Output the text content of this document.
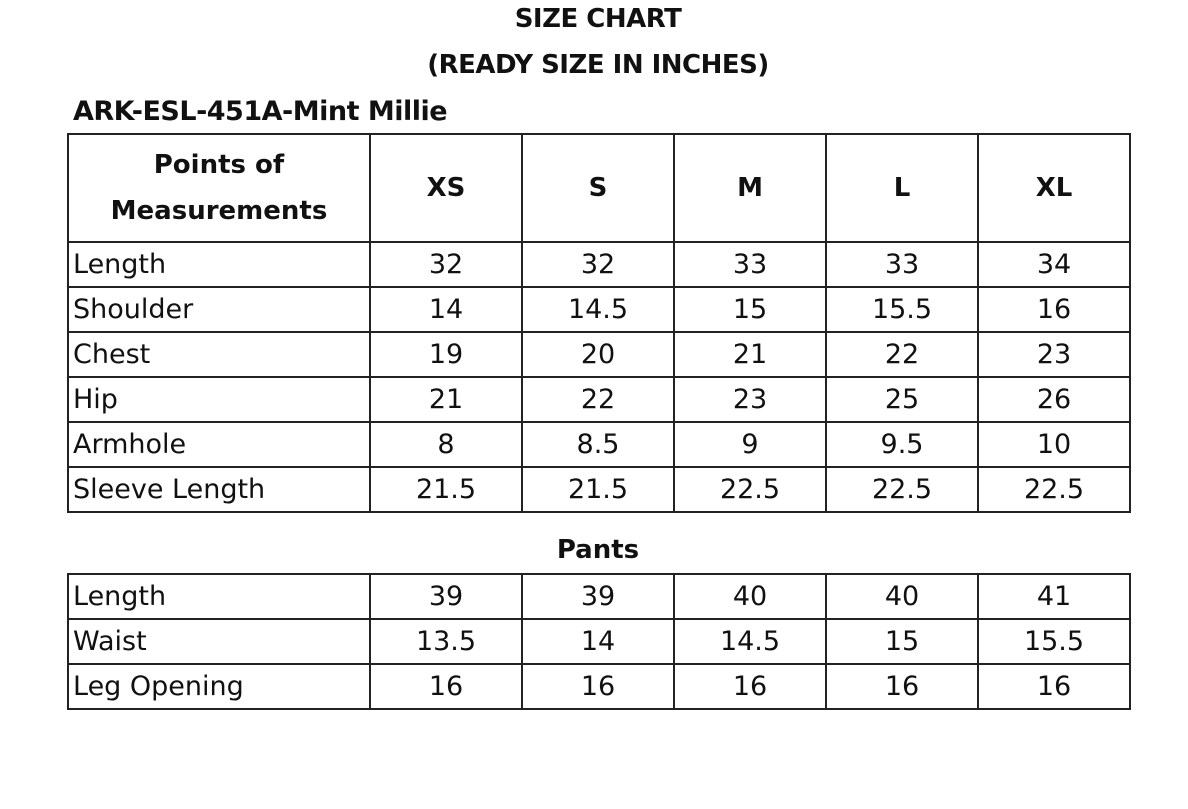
SIZE CHART
(READY SIZE IN INCHES)
ARK-ESL-451A-Mint Millie
Points of
Measurements	XS	S	M	L	XL
Length	32	32	33	33	34
Shoulder	14	14.5	15	15.5	16
Chest	19	20	21	22	23
Hip	21	22	23	25	26
Armhole	8	8.5	9	9.5	10
Sleeve Length	21.5	21.5	22.5	22.5	22.5
Pants
Length	39	39	40	40	41
Waist	13.5	14	14.5	15	15.5
Leg Opening	16	16	16	16	16
